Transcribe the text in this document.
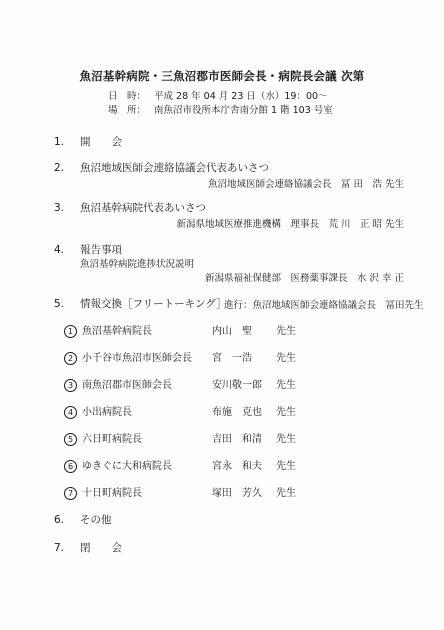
魚沼基幹病院・三魚沼郡市医師会長・病院長会議 次第
日　時： 平成 28 年 04 月 23 日（水）19：00～
場　所： 南魚沼市役所本庁舎南分館 1 階 103 号室
1. 開　　会
2. 魚沼地域医師会連絡協議会代表あいさつ
魚沼地域医師会連絡協議会長　冨 田　浩 先生
3. 魚沼基幹病院代表あいさつ
新潟県地域医療推進機構　理事長　荒 川　正 昭 先生
4. 報告事項
魚沼基幹病院進捗状況説明
新潟県福祉保健部　医務薬事課長　水 沢 幸 正
5. 情報交換［フリートーキング］
進行：魚沼地域医師会連絡協議会長　冨田先生
1 魚沼基幹病院長	内山　聖 先生
2 小千谷市魚沼市医師会長 宮　一浩 先生
3 南魚沼郡市医師会長	安川敬一郎 先生
4 小出病院長	布施　克也 先生
5 六日町病院長	吉田　和清 先生
6 ゆきぐに大和病院長	宮永　和夫 先生
7 十日町病院長	塚田　芳久 先生
6. その他
7. 閉　　会
